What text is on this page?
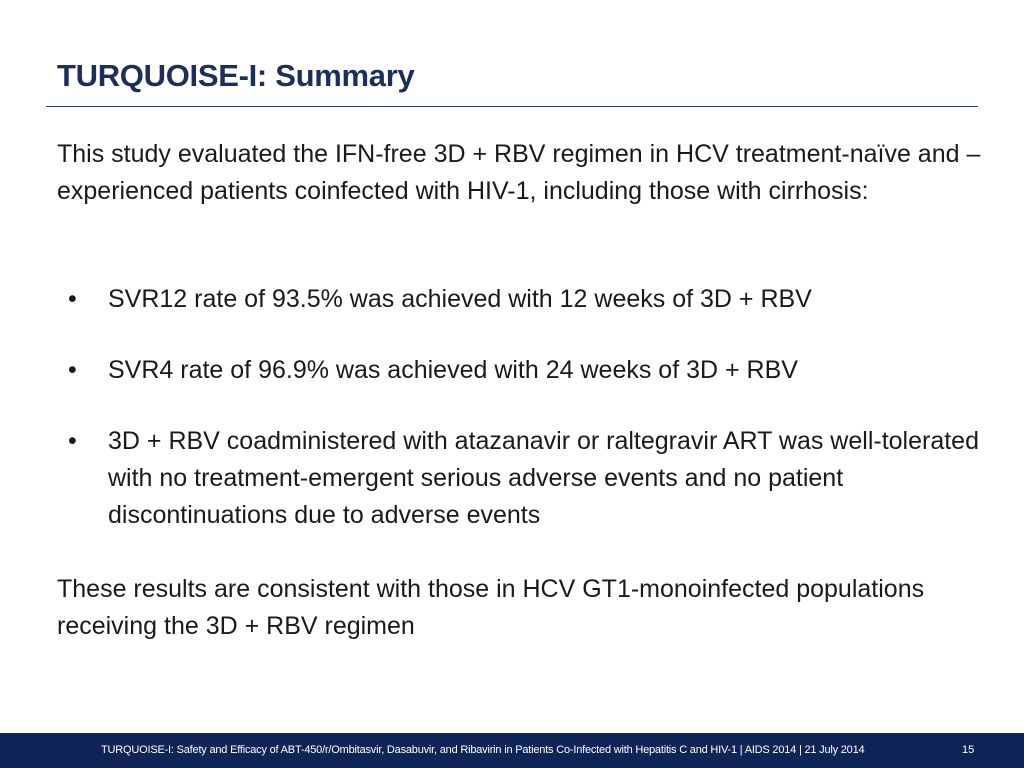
TURQUOISE-I: Summary

This study evaluated the IFN-free 3D + RBV regimen in HCV treatment-naïve and –experienced patients coinfected with HIV-1, including those with cirrhosis:

• SVR12 rate of 93.5% was achieved with 12 weeks of 3D + RBV
• SVR4 rate of 96.9% was achieved with 24 weeks of 3D + RBV
• 3D + RBV coadministered with atazanavir or raltegravir ART was well-tolerated with no treatment-emergent serious adverse events and no patient discontinuations due to adverse events

These results are consistent with those in HCV GT1-monoinfected populations receiving the 3D + RBV regimen

TURQUOISE-I: Safety and Efficacy of ABT-450/r/Ombitasvir, Dasabuvir, and Ribavirin in Patients Co-Infected with Hepatitis C and HIV-1 | AIDS 2014 | 21 July 2014	15
